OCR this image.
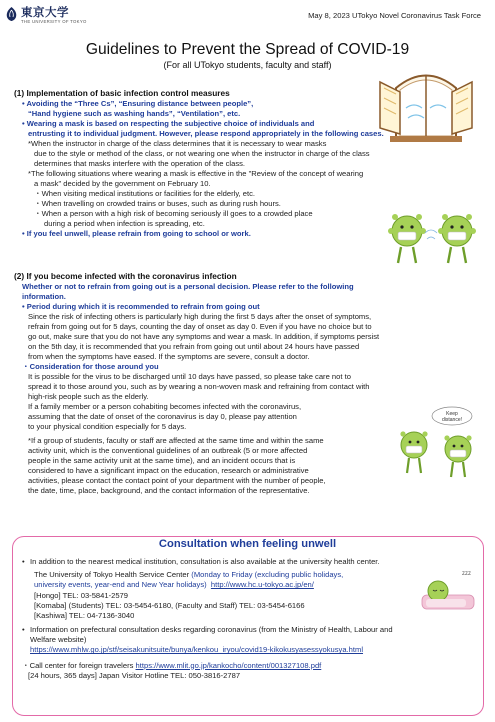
東京大学
THE UNIVERSITY OF TOKYO
May 8, 2023 UTokyo Novel Coronavirus Task Force
Guidelines to Prevent the Spread of COVID-19
(For all UTokyo students, faculty and staff)
(1) Implementation of basic infection control measures
• Avoiding the “Three Cs”, “Ensuring distance between people”,
“Hand hygiene such as washing hands”, “Ventilation”, etc.
• Wearing a mask is based on respecting the subjective choice of individuals and
entrusting it to individual judgment. However, please respond appropriately in the following cases.
*When the instructor in charge of the class determines that it is necessary to wear masks
due to the style or method of the class, or not wearing one when the instructor in charge of the class
determines that masks interfere with the operation of the class.
*The following situations where wearing a mask is effective in the "Review of the concept of wearing
a mask" decided by the government on February 10.
・When visiting medical institutions or facilities for the elderly, etc.
・When travelling on crowded trains or buses, such as during rush hours.
・When a person with a high risk of becoming seriously ill goes to a crowded place
during a period when infection is spreading, etc.
• If you feel unwell, please refrain from going to school or work.
(2) If you become infected with the coronavirus infection
Whether or not to refrain from going out is a personal decision. Please refer to the following
information.
• Period during which it is recommended to refrain from going out
Since the risk of infecting others is particularly high during the first 5 days after the onset of symptoms,
refrain from going out for 5 days, counting the day of onset as day 0. Even if you have no choice but to
go out, make sure that you do not have any symptoms and wear a mask. In addition, if symptoms persist
on the 5th day, it is recommended that you refrain from going out until about 24 hours have passed
from when the symptoms have eased. If the symptoms are severe, consult a doctor.
・Consideration for those around you
It is possible for the virus to be discharged until 10 days have passed, so please take care not to
spread it to those around you, such as by wearing a non-woven mask and refraining from contact with
high-risk people such as the elderly.
If a family member or a person cohabiting becomes infected with the coronavirus,
assuming that the date of onset of the coronavirus is day 0, please pay attention
to your physical condition especially for 5 days.
*If a group of students, faculty or staff are affected at the same time and within the same
activity unit, which is the conventional guidelines of an outbreak (5 or more affected
people in the same activity unit at the same time), and an incident occurs that is
considered to have a significant impact on the education, research or administrative
activities, please contact the contact point of your department with the number of people,
the date, time, place, background, and the contact information of the representative.
Keep
distance!
Consultation when feeling unwell
zzz
• In addition to the nearest medical institution, consultation is also available at the university health center.
The University of Tokyo Health Service Center (Monday to Friday (excluding public holidays,
university events, year-end and New Year holidays) http://www.hc.u-tokyo.ac.jp/en/
[Hongo] TEL: 03-5841-2579
[Komaba] (Students) TEL: 03-5454-6180, (Faculty and Staff) TEL: 03-5454-6166
[Kashiwa] TEL: 04-7136-3040
• Information on prefectural consultation desks regarding coronavirus (from the Ministry of Health, Labour and
Welfare website)
https://www.mhlw.go.jp/stf/seisakunitsuite/bunya/kenkou_iryou/covid19-kikokusyasessyokusya.html
・Call center for foreign travelers https://www.mlit.go.jp/kankocho/content/001327108.pdf
[24 hours, 365 days] Japan Visitor Hotline TEL: 050-3816-2787
